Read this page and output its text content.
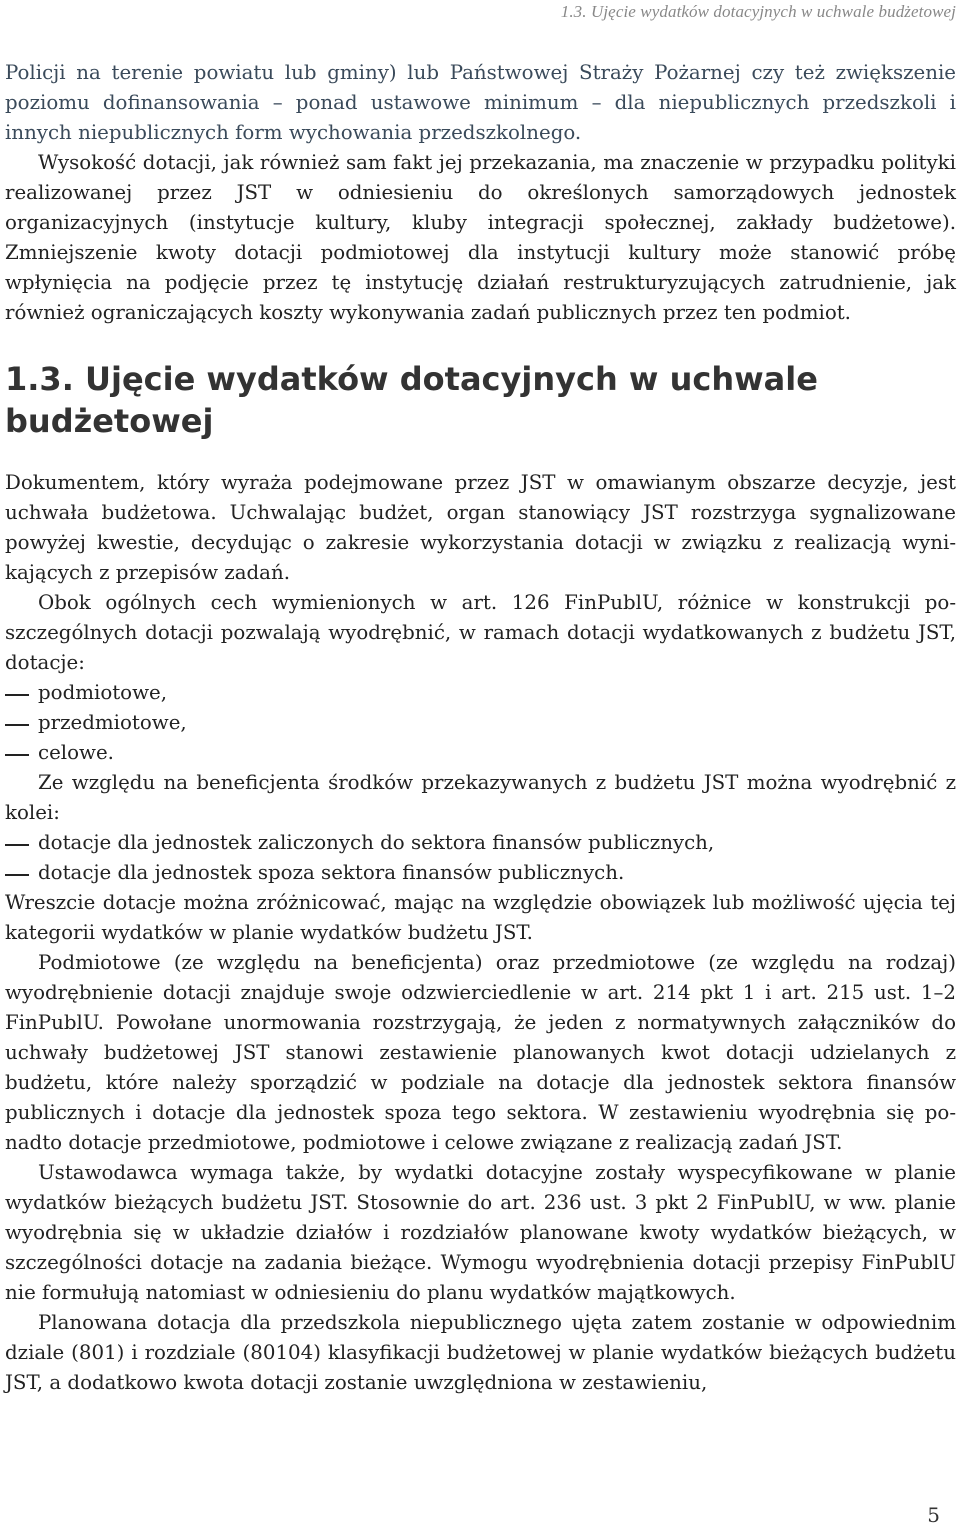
1.3. Ujęcie wydatków dotacyjnych w uchwale budżetowej

Policji na terenie powiatu lub gminy) lub Państwowej Straży Pożarnej czy też zwiększenie poziomu dofinansowania – ponad ustawowe minimum – dla niepublicznych przedszkoli i innych niepublicznych form wychowania przedszkolnego.

Wysokość dotacji, jak również sam fakt jej przekazania, ma znaczenie w przypadku polityki realizowanej przez JST w odniesieniu do określonych samorządowych jednostek organizacyjnych (instytucje kultury, kluby integracji społecznej, zakłady budżetowe). Zmniejszenie kwoty dotacji podmiotowej dla instytucji kultury może stanowić próbę wpłynięcia na podjęcie przez tę instytucję działań restrukturyzujących zatrudnienie, jak również ograniczających koszty wykonywania zadań publicznych przez ten podmiot.

1.3. Ujęcie wydatków dotacyjnych w uchwale budżetowej

Dokumentem, który wyraża podejmowane przez JST w omawianym obszarze decyzje, jest uchwała budżetowa. Uchwalając budżet, organ stanowiący JST rozstrzyga sygnalizowane powyżej kwestie, decydując o zakresie wykorzystania dotacji w związku z realizacją wynikających z przepisów zadań.

Obok ogólnych cech wymienionych w art. 126 FinPublU, różnice w konstrukcji poszczególnych dotacji pozwalają wyodrębnić, w ramach dotacji wydatkowanych z budżetu JST, dotacje:

podmiotowe,
przedmiotowe,
celowe.

Ze względu na beneficjenta środków przekazywanych z budżetu JST można wyodrębnić z kolei:

dotacje dla jednostek zaliczonych do sektora finansów publicznych,
dotacje dla jednostek spoza sektora finansów publicznych.

Wreszcie dotacje można zróżnicować, mając na względzie obowiązek lub możliwość ujęcia tej kategorii wydatków w planie wydatków budżetu JST.

Podmiotowe (ze względu na beneficjenta) oraz przedmiotowe (ze względu na rodzaj) wyodrębnienie dotacji znajduje swoje odzwierciedlenie w art. 214 pkt 1 i art. 215 ust. 1–2 FinPublU. Powołane unormowania rozstrzygają, że jeden z normatywnych załączników do uchwały budżetowej JST stanowi zestawienie planowanych kwot dotacji udzielanych z budżetu, które należy sporządzić w podziale na dotacje dla jednostek sektora finansów publicznych i dotacje dla jednostek spoza tego sektora. W zestawieniu wyodrębnia się ponadto dotacje przedmiotowe, podmiotowe i celowe związane z realizacją zadań JST.

Ustawodawca wymaga także, by wydatki dotacyjne zostały wyspecyfikowane w planie wydatków bieżących budżetu JST. Stosownie do art. 236 ust. 3 pkt 2 FinPublU, w ww. planie wyodrębnia się w układzie działów i rozdziałów planowane kwoty wydatków bieżących, w szczególności dotacje na zadania bieżące. Wymogu wyodrębnienia dotacji przepisy FinPublU nie formułują natomiast w odniesieniu do planu wydatków majątkowych.

Planowana dotacja dla przedszkola niepublicznego ujęta zatem zostanie w odpowiednim dziale (801) i rozdziale (80104) klasyfikacji budżetowej w planie wydatków bieżących budżetu JST, a dodatkowo kwota dotacji zostanie uwzględniona w zestawieniu,

5
